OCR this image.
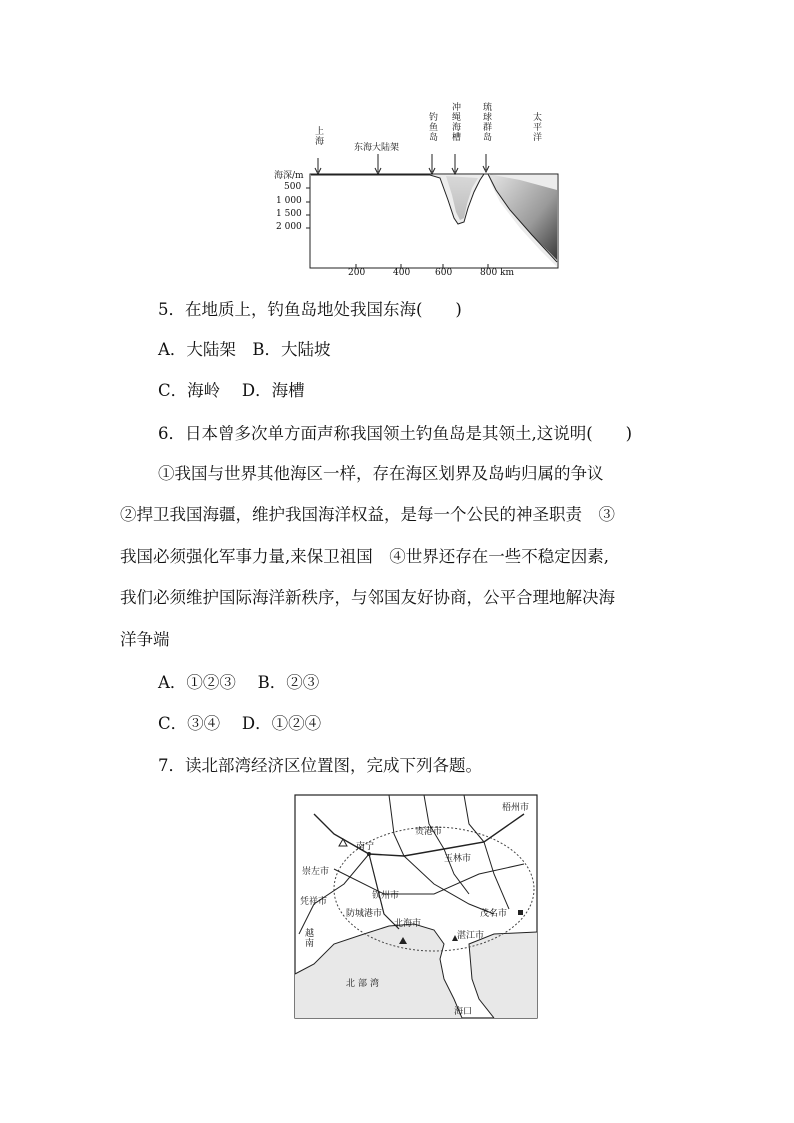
上海
东海大陆架
钓鱼岛 冲绳海槽 琉球群岛	太平洋
海深/m
500
1 000
1 500
2 000
200	400	600	800 km
5．在地质上，钓鱼岛地处我国东海(　　)
A．大陆架　B．大陆坡
C．海岭　 D．海槽
6．日本曾多次单方面声称我国领土钓鱼岛是其领土,这说明(　　)
①我国与世界其他海区一样，存在海区划界及岛屿归属的争议
②捍卫我国海疆，维护我国海洋权益，是每一个公民的神圣职责　③
我国必须强化军事力量,来保卫祖国　④世界还存在一些不稳定因素,
我们必须维护国际海洋新秩序，与邻国友好协商，公平合理地解决海
洋争端
A．①②③　 B．②③
C．③④　 D．①②④
7．读北部湾经济区位置图，完成下列各题。
梧州市
贵港市
南宁
玉林市
崇左市
钦州市
凭祥市
防城港市
北海市
茂名市
湛江市
越南
北部湾
海口
